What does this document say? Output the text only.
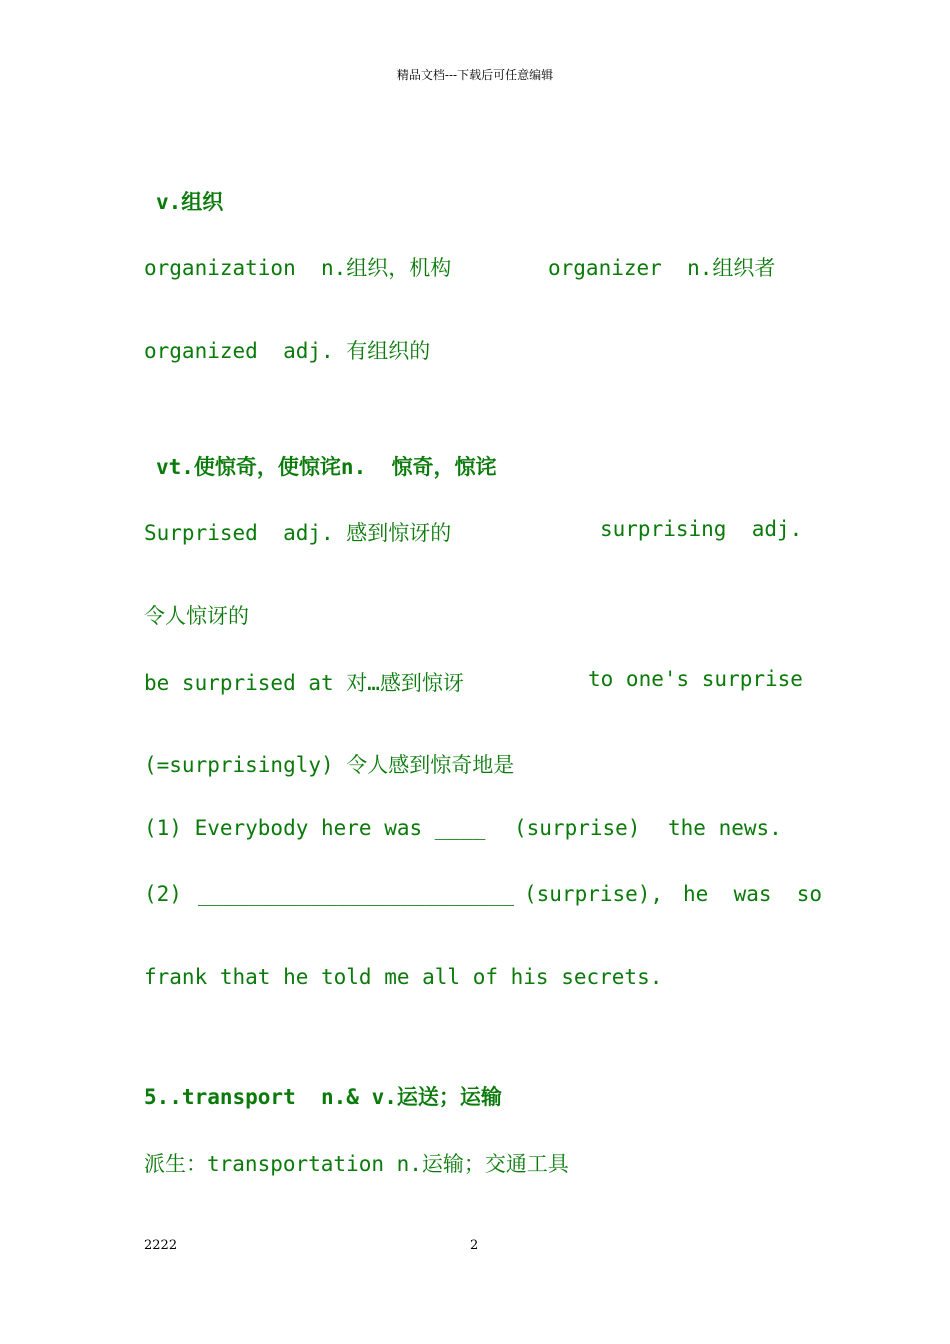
精品文档---下载后可任意编辑
v.组织
organization  n.组织，机构	organizer  n.组织者
organized  adj. 有组织的
vt.使惊奇，使惊诧n.  惊奇，惊诧
Surprised  adj. 感到惊讶的	surprising  adj.
令人惊讶的
be surprised at 对…感到惊讶	to one's surprise
(=surprisingly) 令人感到惊奇地是
(1) Everybody here was ____ (surprise) the news.
(2) _________________________ (surprise), he  was  so
frank that he told me all of his secrets.
5..transport  n.& v.运送；运输
派生：transportation n.运输；交通工具
2222	2
